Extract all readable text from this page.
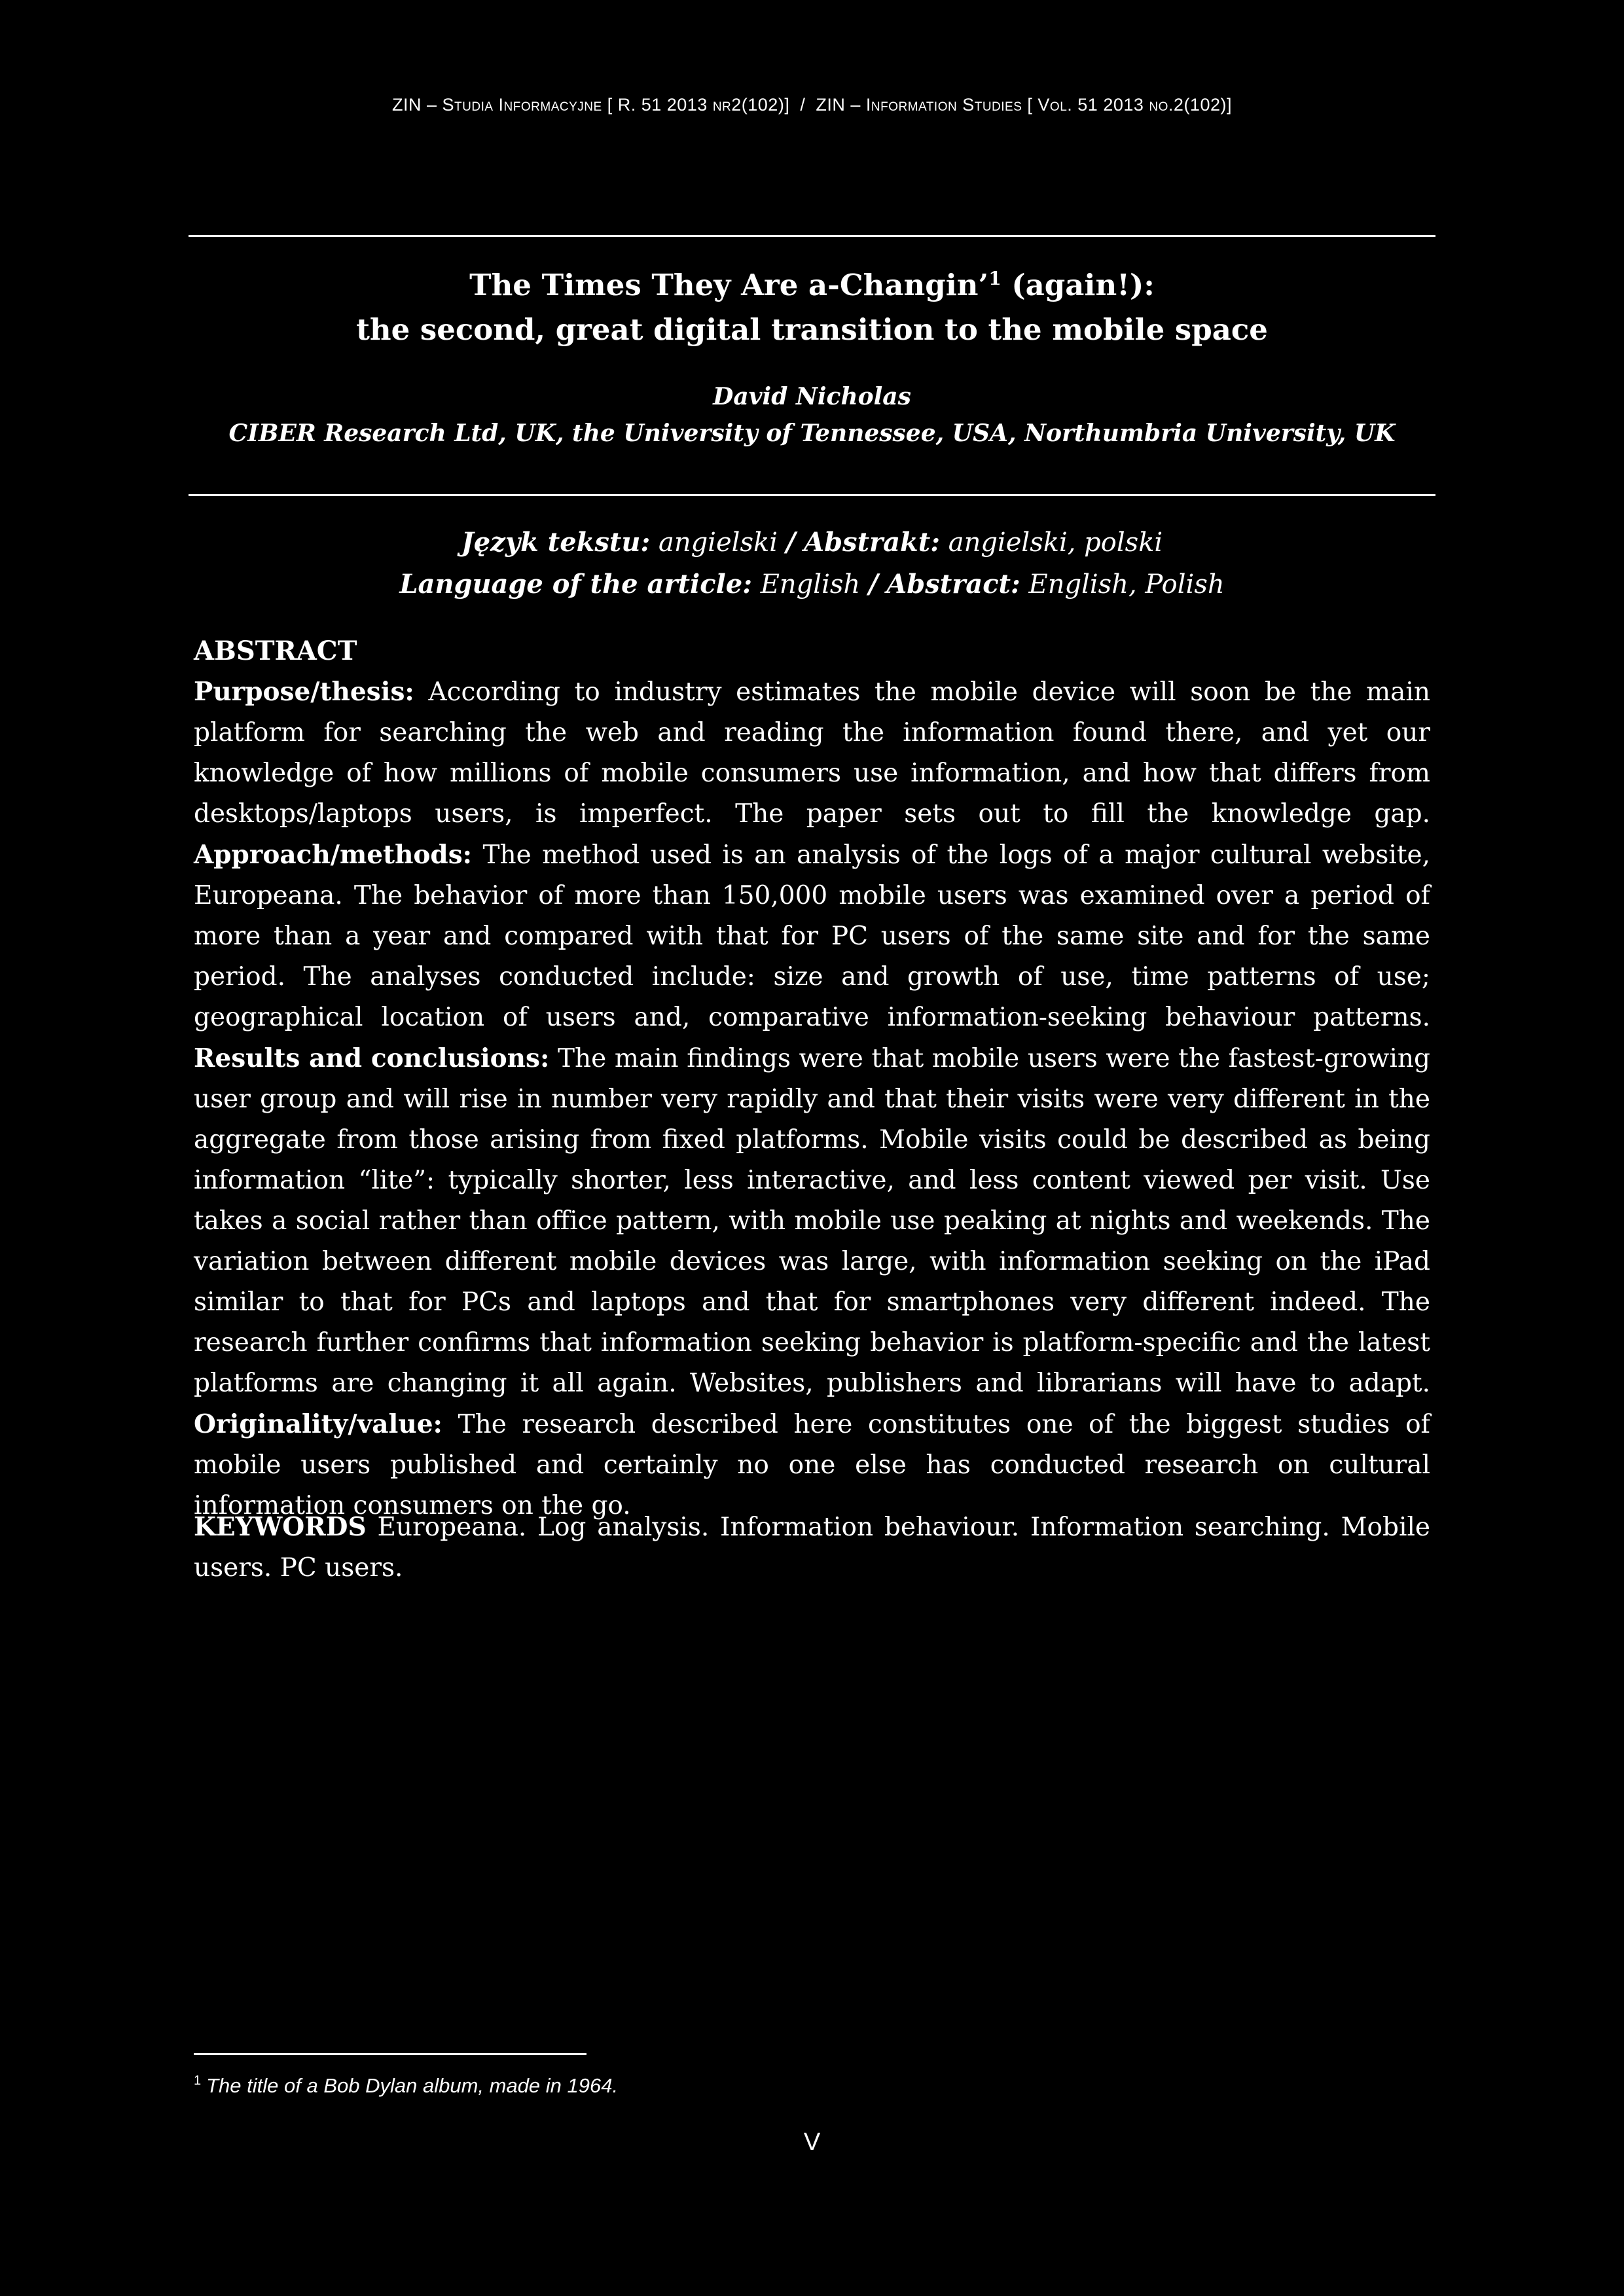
ZIN – Studia Informacyjne [ R. 51 2013 nr2(102)] / ZIN – Information Studies [ Vol. 51 2013 no.2(102)]
The Times They Are a-Changin’$^1$ (again!):
the second, great digital transition to the mobile space
David Nicholas
CIBER Research Ltd, UK, the University of Tennessee, USA, Northumbria University, UK
Język tekstu: angielski / Abstrakt: angielski, polski
Language of the article: English / Abstract: English, Polish
ABSTRACT
Purpose/thesis: According to industry estimates the mobile device will soon be the main platform for searching the web and reading the information found there, and yet our knowledge of how millions of mobile consumers use information, and how that differs from desktops/laptops users, is imperfect. The paper sets out to fill the knowledge gap. Approach/methods: The method used is an analysis of the logs of a major cultural website, Europeana. The behavior of more than 150,000 mobile users was examined over a period of more than a year and compared with that for PC users of the same site and for the same period. The analyses conducted include: size and growth of use, time patterns of use; geographical location of users and, comparative information-seeking behaviour patterns. Results and conclusions: The main findings were that mobile users were the fastest-growing user group and will rise in number very rapidly and that their visits were very different in the aggregate from those arising from fixed platforms. Mobile visits could be described as being information “lite”: typically shorter, less interactive, and less content viewed per visit. Use takes a social rather than office pattern, with mobile use peaking at nights and weekends. The variation between different mobile devices was large, with information seeking on the iPad similar to that for PCs and laptops and that for smartphones very different indeed. The research further confirms that information seeking behavior is platform-specific and the latest platforms are changing it all again. Websites, publishers and librarians will have to adapt. Originality/value: The research described here constitutes one of the biggest studies of mobile users published and certainly no one else has conducted research on cultural information consumers on the go.
KEYWORDS Europeana. Log analysis. Information behaviour. Information searching. Mobile users. PC users.
$^1$ The title of a Bob Dylan album, made in 1964.
V
